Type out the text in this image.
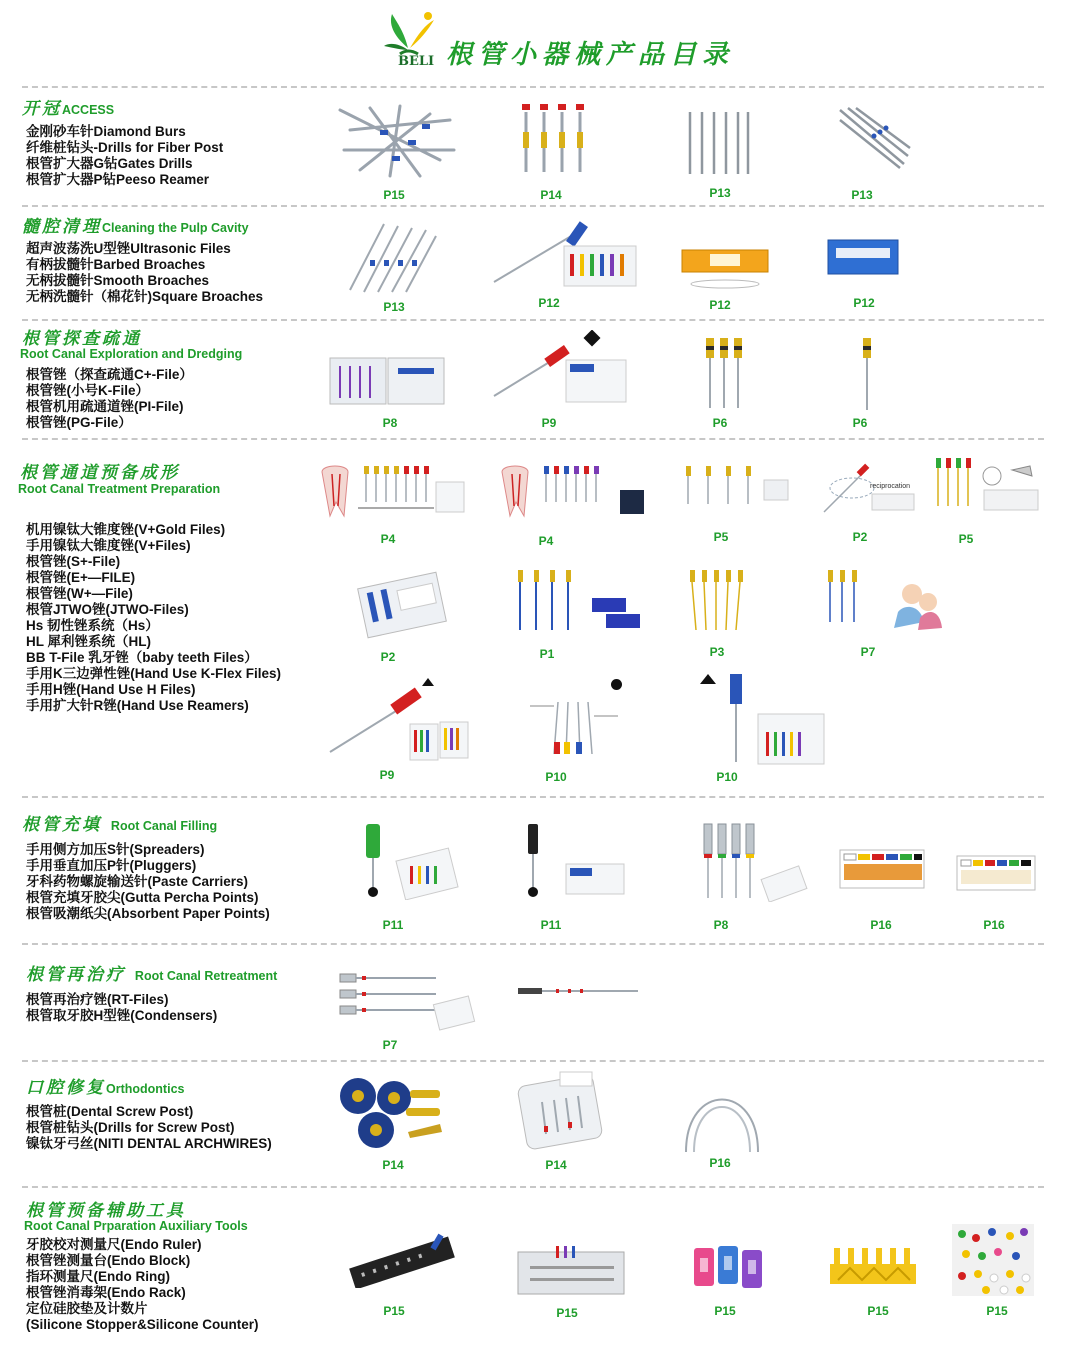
BELI 根管小器械产品目录
开冠ACCESS
金刚砂车针Diamond Burs
纤维桩钻头-Drills for Fiber Post
根管扩大器G钻Gates Drills
根管扩大器P钻Peeso Reamer
P15	P14	P13	P13
髓腔清理Cleaning the Pulp Cavity
超声波荡洗U型锉Ultrasonic Files
有柄拔髓针Barbed Broaches
无柄拔髓针Smooth Broaches
无柄洗髓针（棉花针)Square Broaches
P13	P12	P12	P12
根管探查疏通
Root Canal Exploration and Dredging
根管锉（探查疏通C+-File）
根管锉(小号K-File）
根管机用疏通道锉(PI-File)
根管锉(PG-File）	P8	P9	P6	P6
根管通道预备成形
Root Canal Treatment Preparation
机用镍钛大锥度锉(V+Gold Files)
手用镍钛大锥度锉(V+Files)
根管锉(S+-File)
根管锉(E+—FILE)
根管锉(W+—File)
根管JTWO锉(JTWO-Files)
Hs 韧性锉系统（Hs）
HL 犀利锉系统（HL)
BB T-File 乳牙锉（baby teeth Files）
手用K三边弹性锉(Hand Use K-Flex Files)
手用H锉(Hand Use H Files)
手用扩大针R锉(Hand Use Reamers)
reciprocation
P4	P4	P5	P2	P5
P2	P1	P3	P7
P9	P10	P10
根管充填 Root Canal Filling
手用侧方加压S针(Spreaders)
手用垂直加压P针(Pluggers)
牙科药物螺旋输送针(Paste Carriers)
根管充填牙胶尖(Gutta Percha Points)
根管吸潮纸尖(Absorbent Paper Points)
P11	P11	P8	P16	P16
根管再治疗 Root Canal Retreatment
根管再治疗锉(RT-Files)
根管取牙胶H型锉(Condensers)
P7
口腔修复Orthodontics
根管桩(Dental Screw Post)
根管桩钻头(Drills for Screw Post)
镍钛牙弓丝(NITI DENTAL ARCHWIRES)
P14	P14	P16
根管预备辅助工具
Root Canal Prparation Auxiliary Tools
牙胶校对测量尺(Endo Ruler)
根管锉测量台(Endo Block)
指环测量尺(Endo Ring)
根管锉消毒架(Endo Rack)
定位硅胶垫及计数片
(Silicone Stopper&Silicone Counter)
P15	P15	P15	P15	P15
